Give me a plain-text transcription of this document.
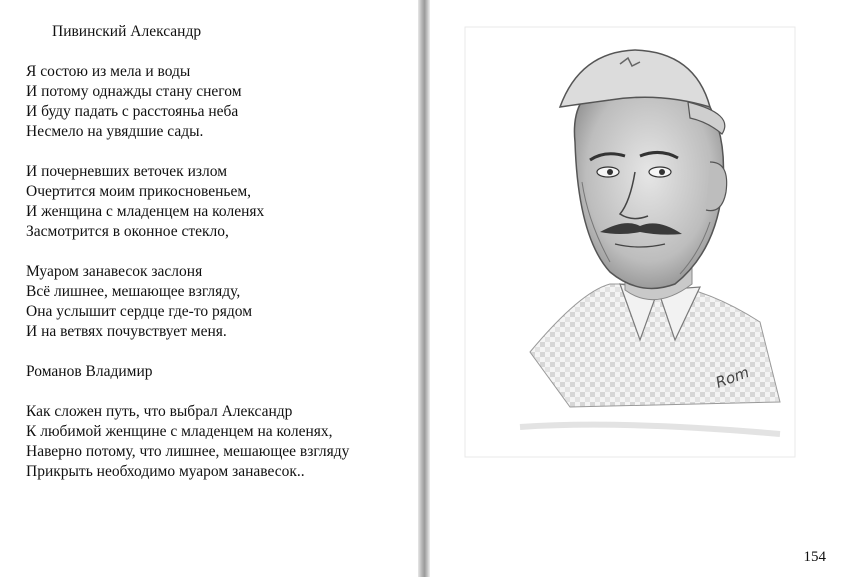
Пивинский Александр
Я состою из мела и воды
И потому однажды стану снегом
И буду падать с расстояньа неба
Несмело на увядшие сады.
И почерневших веточек излом
Очертится моим прикосновеньем,
И женщина с младенцем на коленях
Засмотрится в оконное стекло,
Муаром занавесок заслоня
Всё лишнее, мешающее взгляду,
Она услышит сердце где-то рядом
И на ветвях почувствует меня.
Романов Владимир
Как сложен путь, что выбрал Александр
К любимой женщине с младенцем на коленях,
Наверно потому, что лишнее, мешающее взгляду
Прикрыть необходимо муаром занавесок..
Rom
154
